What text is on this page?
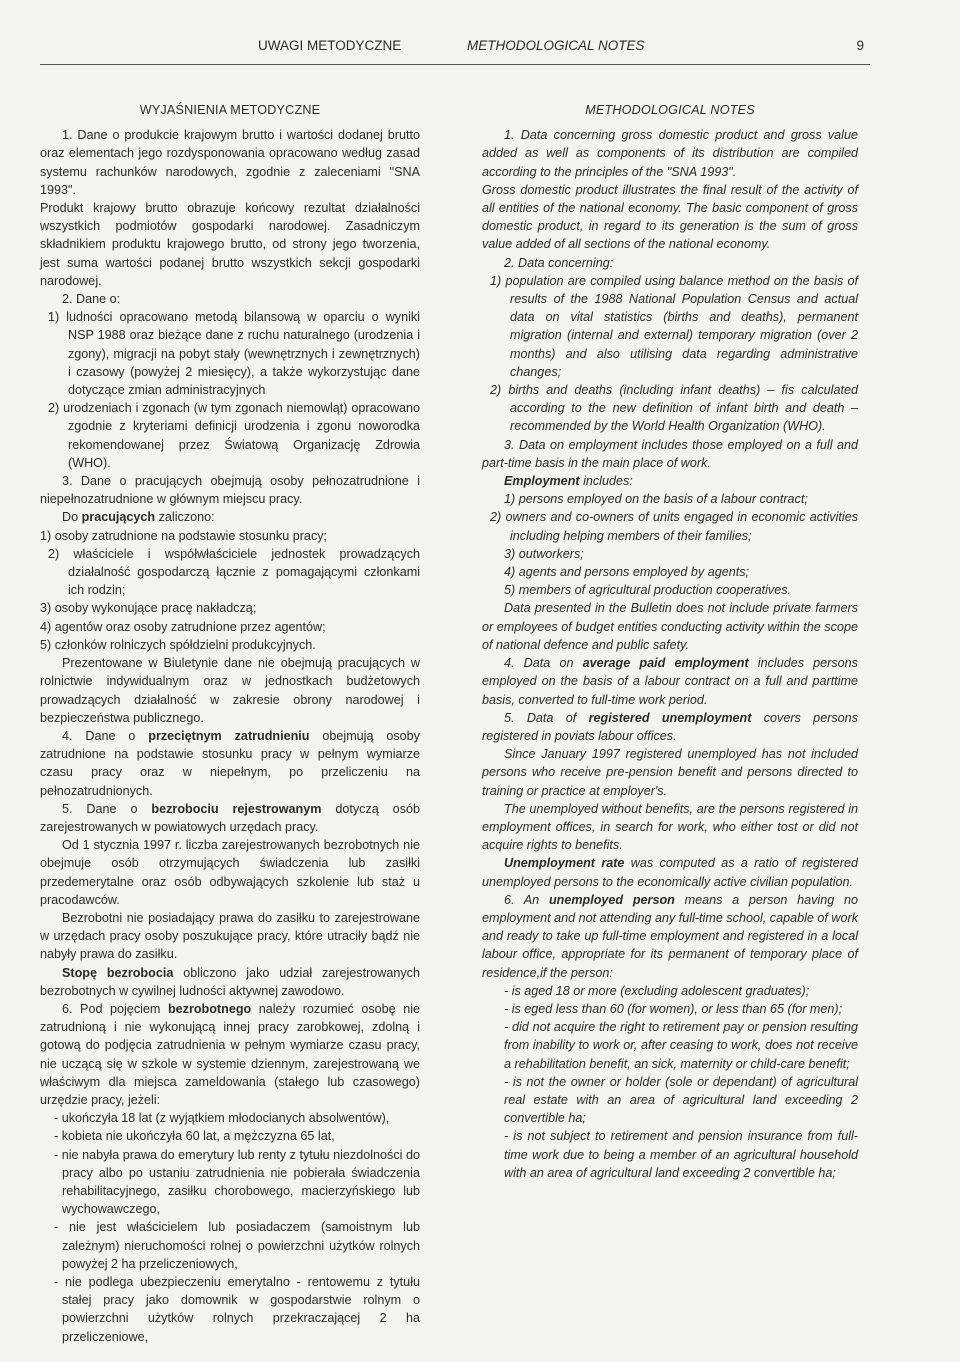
UWAGI METODYCZNE	METHODOLOGICAL NOTES	9
WYJAŚNIENIA METODYCZNE

1. Dane o produkcie krajowym brutto i wartości dodanej brutto oraz elementach jego rozdysponowania opracowano według zasad systemu rachunków narodowych, zgodnie z zaleceniami "SNA 1993".

Produkt krajowy brutto obrazuje końcowy rezultat działalności wszystkich podmiotów gospodarki narodowej. Zasadniczym składnikiem produktu krajowego brutto, od strony jego tworzenia, jest suma wartości podanej brutto wszystkich sekcji gospodarki narodowej.

2. Dane o:

1) ludności opracowano metodą bilansową w oparciu o wyniki NSP 1988 oraz bieżące dane z ruchu naturalnego (urodzenia i zgony), migracji na pobyt stały (wewnętrznych i zewnętrznych) i czasowy (powyżej 2 miesięcy), a także wykorzystując dane dotyczące zmian administracyjnych

2) urodzeniach i zgonach (w tym zgonach niemowląt) opracowano zgodnie z kryteriami definicji urodzenia i zgonu noworodka rekomendowanej przez Światową Organizację Zdrowia (WHO).

3. Dane o pracujących obejmują osoby pełnozatrudnione i niepełnozatrudnione w głównym miejscu pracy.

Do pracujących zaliczono:

1) osoby zatrudnione na podstawie stosunku pracy;

2) właściciele i współwłaściciele jednostek prowadzących działalność gospodarczą łącznie z pomagającymi członkami ich rodzin;

3) osoby wykonujące pracę nakładczą;

4) agentów oraz osoby zatrudnione przez agentów;

5) członków rolniczych spółdzielni produkcyjnych.

Prezentowane w Biuletynie dane nie obejmują pracujących w rolnictwie indywidualnym oraz w jednostkach budżetowych prowadzących działalność w zakresie obrony narodowej i bezpieczeństwa publicznego.

4. Dane o przeciętnym zatrudnieniu obejmują osoby zatrudnione na podstawie stosunku pracy w pełnym wymiarze czasu pracy oraz w niepełnym, po przeliczeniu na pełnozatrudnionych.

5. Dane o bezrobociu rejestrowanym dotyczą osób zarejestrowanych w powiatowych urzędach pracy.

Od 1 stycznia 1997 r. liczba zarejestrowanych bezrobotnych nie obejmuje osób otrzymujących świadczenia lub zasiłki przedemerytalne oraz osób odbywających szkolenie lub staż u pracodawców.

Bezrobotni nie posiadający prawa do zasiłku to zarejestrowane w urzędach pracy osoby poszukujące pracy, które utraciły bądź nie nabyły prawa do zasiłku.

Stopę bezrobocia obliczono jako udział zarejestrowanych bezrobotnych w cywilnej ludności aktywnej zawodowo.

6. Pod pojęciem bezrobotnego należy rozumieć osobę nie zatrudnioną i nie wykonującą innej pracy zarobkowej, zdolną i gotową do podjęcia zatrudnienia w pełnym wymiarze czasu pracy, nie uczącą się w szkole w systemie dziennym, zarejestrowaną we właściwym dla miejsca zameldowania (stałego lub czasowego) urzędzie pracy, jeżeli:

- ukończyła 18 lat (z wyjątkiem młodocianych absolwentów),

- kobieta nie ukończyła 60 lat, a mężczyzna 65 lat,

- nie nabyła prawa do emerytury lub renty z tytułu niezdolności do pracy albo po ustaniu zatrudnienia nie pobierała świadczenia rehabilitacyjnego, zasiłku chorobowego, macierzyńskiego lub wychowawczego,

- nie jest właścicielem lub posiadaczem (samoistnym lub zależnym) nieruchomości rolnej o powierzchni użytków rolnych powyżej 2 ha przeliczeniowych,

- nie podlega ubezpieczeniu emerytalno - rentowemu z tytułu stałej pracy jako domownik w gospodarstwie rolnym o powierzchni użytków rolnych przekraczającej 2 ha przeliczeniowe,

METHODOLOGICAL NOTES

1. Data concerning gross domestic product and gross value added as well as components of its distribution are compiled according to the principles of the "SNA 1993".

Gross domestic product illustrates the final result of the activity of all entities of the national economy. The basic component of gross domestic product, in regard to its generation is the sum of gross value added of all sections of the national economy.

2. Data concerning:

1) population are compiled using balance method on the basis of results of the 1988 National Population Census and actual data on vital statistics (births and deaths), permanent migration (internal and external) temporary migration (over 2 months) and also utilising data regarding administrative changes;

2) births and deaths (including infant deaths) – fis calculated according to the new definition of infant birth and death – recommended by the World Health Organization (WHO).

3. Data on employment includes those employed on a full and part-time basis in the main place of work.

Employment includes:

1) persons employed on the basis of a labour contract;

2) owners and co-owners of units engaged in economic activities including helping members of their families;

3) outworkers;

4) agents and persons employed by agents;

5) members of agricultural production cooperatives.

Data presented in the Bulletin does not include private farmers or employees of budget entities conducting activity within the scope of national defence and public safety.

4. Data on average paid employment includes persons employed on the basis of a labour contract on a full and parttime basis, converted to full-time work period.

5. Data of registered unemployment covers persons registered in poviats labour offices.

Since January 1997 registered unemployed has not included persons who receive pre-pension benefit and persons directed to training or practice at employer's.

The unemployed without benefits, are the persons registered in employment offices, in search for work, who either tost or did not acquire rights to benefits.

Unemployment rate was computed as a ratio of registered unemployed persons to the economically active civilian population.

6. An unemployed person means a person having no employment and not attending any full-time school, capable of work and ready to take up full-time employment and registered in a local labour office, appropriate for its permanent of temporary place of residence,if the person:

- is aged 18 or more (excluding adolescent graduates);

- is eged less than 60 (for women), or less than 65 (for men);

- did not acquire the right to retirement pay or pension resulting from inability to work or, after ceasing to work, does not receive a rehabilitation benefit, an sick, maternity or child-care benefit;

- is not the owner or holder (sole or dependant) of agricultural real estate with an area of agricultural land exceeding 2 convertible ha;

- is not subject to retirement and pension insurance from full-time work due to being a member of an agricultural household with an area of agricultural land exceeding 2 convertible ha;
